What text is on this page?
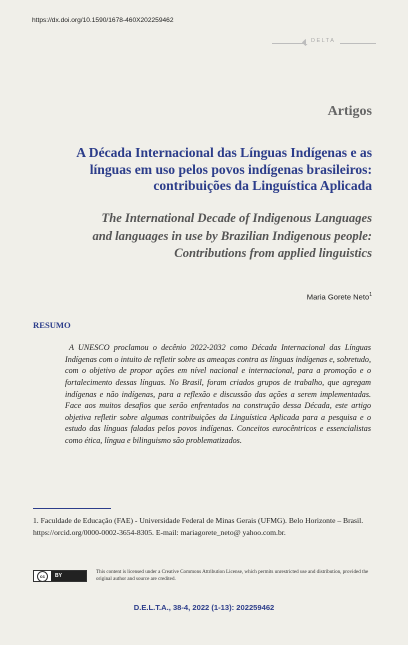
https://dx.doi.org/10.1590/1678-460X202259462
DELTA
Artigos
A Década Internacional das Línguas Indígenas e as
línguas em uso pelos povos indígenas brasileiros:
contribuições da Linguística Aplicada
The International Decade of Indigenous Languages
and languages in use by Brazilian Indigenous people:
Contributions from applied linguistics
Maria Gorete Neto$^1$
RESUMO
A UNESCO proclamou o decênio 2022-2032 como Década Internacional das Línguas Indígenas com o intuito de refletir sobre as ameaças contra as línguas indígenas e, sobretudo, com o objetivo de propor ações em nível nacional e internacional, para a promoção e o fortalecimento dessas línguas. No Brasil, foram criados grupos de trabalho, que agregam indígenas e não indígenas, para a reflexão e discussão das ações a serem implementadas. Face aos muitos desafios que serão enfrentados na construção dessa Década, este artigo objetiva refletir sobre algumas contribuições da Linguística Aplicada para a pesquisa e o estudo das línguas faladas pelos povos indígenas. Conceitos eurocêntricos e essencialistas como ética, língua e bilinguismo são problematizados.
1. Faculdade de Educação (FAE) - Universidade Federal de Minas Gerais (UFMG). Belo Horizonte – Brasil. https://orcid.org/0000-0002-3654-8305. E-mail: mariagorete_neto@ yahoo.com.br.
cc	BY
This content is licensed under a Creative Commons Attribution License, which permits unrestricted use and distribution, provided the original author and source are credited.
D.E.L.T.A., 38-4, 2022 (1-13): 202259462
